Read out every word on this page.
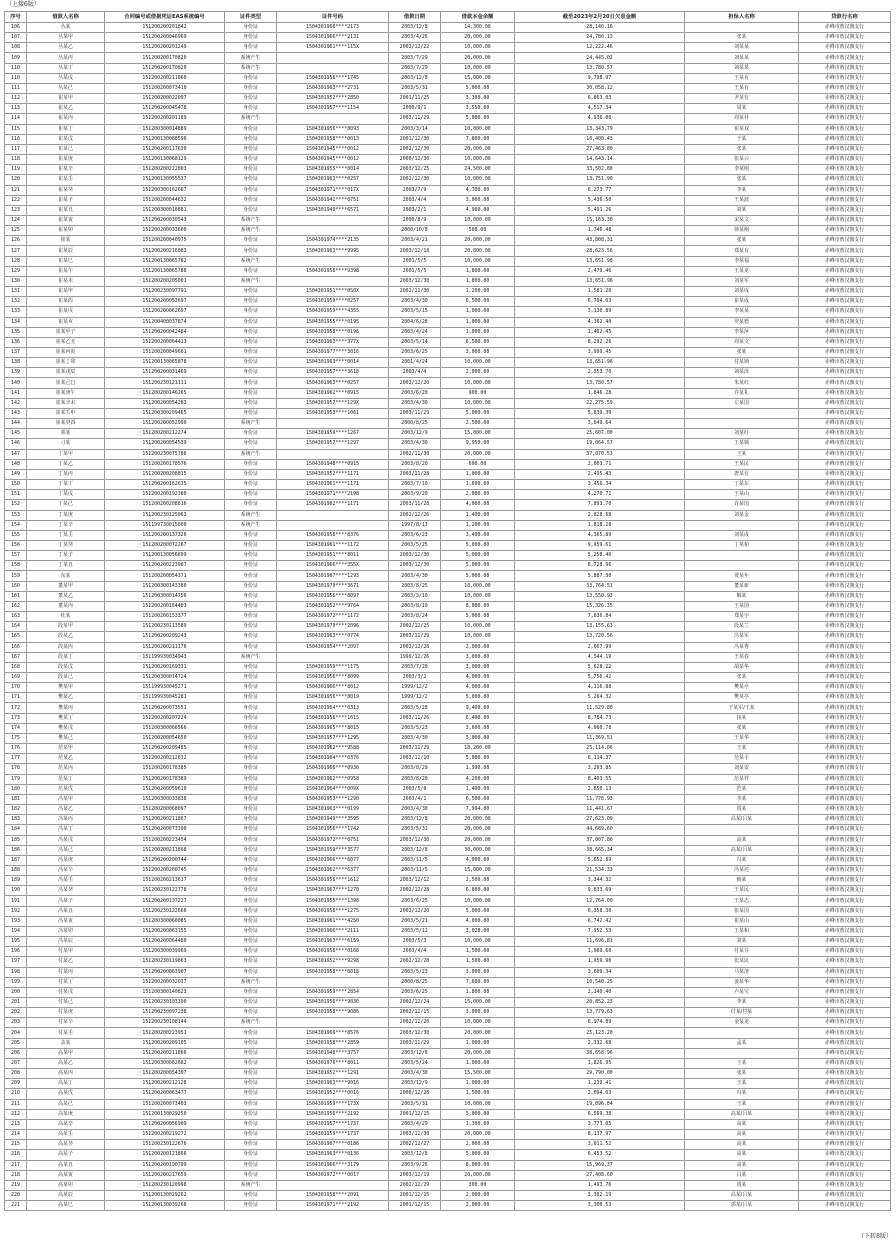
（上接6版）
序号	借款人名称	合同编号或借据凭证EAS系统编号	证件类型	证件号码	借款日期	借款本金余额	截至2023年2月20日欠息金额	担保人名称	贷款行名称
106	丛某	151200200201842	身份证	1504301968****2173	2003/12/8	14,300.00	28,140.16		赤峰市敖汉旗支行
107	丛某甲	151200200046969	身份证	1504301966****2131	2003/4/26	20,000.00	24,780.13	张某	赤峰市敖汉旗支行
108	丛某乙	151200200201249	身份证	1504301961****115X	2002/12/22	10,000.00	12,222.46	刘某某	赤峰市敖汉旗支行
109	丛某丙	151200200170820	系统产生		2003/7/29	20,000.00	24,445.02	刘某某	赤峰市敖汉旗支行
110	丛某丁	151200200170820	系统产生		2003/7/29	10,000.00	13,780.57	刘某某	赤峰市敖汉旗支行
110	丛某戊	151200200211860	身份证	1504301956****1745	2003/12/8	15,000.00	9,798.97	王某有	赤峰市敖汉旗支行
111	丛某己	151200200073410	身份证	1504301963****2731	2003/5/31	5,000.00	30,058.12	王某有	赤峰市敖汉旗支行
112	崔某甲	151200200022097	身份证	1504301952****2850	2001/11/25	3,300.00	6,863.03	尹某有	赤峰市敖汉旗支行
113	崔某乙	151200200045478	身份证	1504301957****1154	2000/9/1	3,550.00	4,517.34	周某	赤峰市敖汉旗支行
114	崔某丙	151200200201189	系统产生		2003/11/29	5,000.00	4,936.00	周某祥	赤峰市敖汉旗支行
115	崔某丁	151200300014889	身份证	1504301956****8093	2003/3/14	10,000.00	13,343.79	崔某双	赤峰市敖汉旗支行
116	崔某戊	151200130088596	身份证	1504301958****0013	2001/12/30	7,800.00	10,400.43	于某	赤峰市敖汉旗支行
117	崔某己	151200200117630	身份证	1504301945****0012	2002/12/30	20,000.00	27,463.80	张某	赤峰市敖汉旗支行
118	崔某庚	151200130068129	身份证	1504301945****0012	2000/12/30	10,000.00	14,643.14	张某云	赤峰市敖汉旗支行
119	崔某辛	151200200222803	身份证	1504301955****0014	2003/12/25	24,500.00	33,502.80	李某刚	赤峰市敖汉旗支行
120	崔某壬	151200130055537	身份证	1504301963****0257	2002/12/30	10,000.00	13,751.90	张某	赤峰市敖汉旗支行
121	崔某癸	151200300162687	身份证	1504301971****017X	2003/7/9	4,700.00	6,273.77	李某	赤峰市敖汉旗支行
122	崔某子	151200200044632	身份证	1504301942****0751	2003/4/4	3,000.00	5,436.50	王某波	赤峰市敖汉旗支行
123	崔某丑	151200300010881	身份证	1504301949****6571	2003/2/1	4,900.00	5,491.26	刘某	赤峰市敖汉旗支行
124	崔某寅	151200200030543	系统产生		2000/8/9	10,000.00	15,163.30	宋某文	赤峰市敖汉旗支行
125	崔某卯	151200200033600	系统产生		2000/10/8	500.00	1,746.48	韩某刚	赤峰市敖汉旗支行
126	崔某	151200200040975	身份证	1504301974****2135	2003/4/21	20,000.00	43,808.31	张某	赤峰市敖汉旗支行
127	崔某辰	151200200216083	身份证	1504301963****9995	2003/12/18	20,800.00	28,623.56	郑某有	赤峰市敖汉旗支行
128	崔某巳	151200130065782	系统产生		2001/5/5	10,000.00	13,651.98	李某福	赤峰市敖汉旗支行
129	崔某午	151200130065788	身份证	1504301958****9398	2001/5/5	1,800.00	2,479.46	王某龙	赤峰市敖汉旗支行
130	崔某未	151200200205001	系统产生		2003/12/30	1,800.00	13,651.96	刘某军	赤峰市敖汉旗支行
131	崔某申	151200230097791	身份证	1504301951****0S0X	2002/11/30	1,200.00	1,581.20	刘某成	赤峰市敖汉旗支行
132	崔某酉	151200200053697	身份证	1504301959****0257	2003/4/30	6,500.00	6,704.63	崔某成	赤峰市敖汉旗支行
133	崔某戌	151200200062697	身份证	1504301959****4355	2003/5/15	1,000.00	3,130.89	李某某	赤峰市敖汉旗支行
134	崔某亥	151200400037874	身份证	1504301955****0195	2004/6/28	1,000.00	4,362.40	罗某德	赤峰市敖汉旗支行
135	崔某甲子	151200200042484	身份证	1504301958****0196	2003/4/24	1,000.00	1,462.45	李某萍	赤峰市敖汉旗支行
136	崔某乙丑	151200200064413	身份证	1504301963****377X	2003/5/14	6,500.00	8,292.26	周某文	赤峰市敖汉旗支行
137	崔某丙寅	151200200049661	身份证	1504301977****3016	2003/6/25	3,000.00	3,999.45	张某	赤峰市敖汉旗支行
138	崔某丁卯	151200130065878	身份证	1504301963****0014	2001/4/24	10,000.00	13,651.98	付某锁	赤峰市敖汉旗支行
139	崔某戊辰	151200200031469	身份证	1504301957****3618	2003/4/4	2,000.00	2,353.70	刘某泽	赤峰市敖汉旗支行
140	崔某己巳	151200230121111	身份证	1504301963****0257	2002/12/20	10,000.00	13,780.57	朱某红	赤峰市敖汉旗支行
141	崔某庚午	151200200146265	身份证	1504301962****0915	2003/6/20	900.00	1,846.28	许某礼	赤峰市敖汉旗支行
142	崔某辛未	151200200054283	身份证	1504301957****129X	2003/4/30	10,000.00	22,275.59	左某国	赤峰市敖汉旗支行
143	崔某壬申	151200300209465	身份证	1504301953****1061	2003/11/29	5,000.00	5,839.39		赤峰市敖汉旗支行
144	崔某癸酉	151200200052990	系统产生		2000/8/25	2,500.00	3,649.64		赤峰市敖汉旗支行
145	邓某	151200200212274	身份证	1504301959****1267	2003/12/9	15,000.00	25,607.00	刘某红	赤峰市敖汉旗支行
146	刁某	151200200054539	身份证	1504301957****1297	2003/4/30	9,950.00	19,064.57	王某锁	赤峰市敖汉旗支行
147	丁某甲	151200230075786	系统产生		2002/11/30	20,000.00	37,070.53	王某	赤峰市敖汉旗支行
148	丁某乙	151200200178576	身份证	1504301948****0915	2003/8/20	600.00	2,003.71	王某民	赤峰市敖汉旗支行
149	丁某丙	151200200208815	身份证	1504301952****1171	2003/11/28	1,000.00	2,495.43	唐某有	赤峰市敖汉旗支行
150	丁某丁	151200200162635	身份证	1504301961****1171	2003/7/10	1,600.00	3,456.34	丁某东	赤峰市敖汉旗支行
151	丁某戊	151200200192380	身份证	1504301971****2198	2003/9/20	2,000.00	4,270.71	王某山	赤峰市敖汉旗支行
152	丁某己	151200200208816	身份证	1504301962****1171	2003/11/28	4,000.00	7,893.70	许某国	赤峰市敖汉旗支行
153	丁某庚	151200230125063	系统产生		2002/12/26	1,400.00	2,828.68	刘某金	赤峰市敖汉旗支行
154	丁某辛	151199730015800	系统产生		1997/8/13	1,200.00	1,818.28		赤峰市敖汉旗支行
155	丁某壬	151200200137326	身份证	1504301958****8376	2003/6/23	3,400.00	4,365.89	刘某成	赤峰市敖汉旗支行
156	丁某癸	151200200072267	身份证	1504301961****1172	2003/5/25	5,000.00	9,959.61	丁某柏	赤峰市敖汉旗支行
157	丁某子	151200130056899	身份证	1504301951****8011	2003/12/30	5,000.00	5,258.40		赤峰市敖汉旗支行
158	丁某丑	151200200223987	身份证	1504301966****355X	2003/12/30	5,000.00	8,728.96		赤峰市敖汉旗支行
159	东某	151200200054371	身份证	1504301967****1293	2003/4/30	5,000.00	5,887.30	贾某年	赤峰市敖汉旗支行
160	董某甲	151200300143380	身份证	1504301970****3671	2003/8/25	18,000.00	33,764.51	董某新	赤峰市敖汉旗支行
161	董某乙	151200300014756	身份证	1504301956****8097	2003/3/10	10,000.00	13,550.93	解某	赤峰市敖汉旗支行
162	董某丙	151200200164403	身份证	1504301952****9764	2003/8/10	8,000.00	15,326.35	王某国	赤峰市敖汉旗支行
163	杜某	151200200153377	身份证	1504301972****1172	2003/8/24	5,000.00	7,636.84	郑某宇	赤峰市敖汉旗支行
164	段某甲	151200230113589	身份证	1504301970****2096	2002/12/25	10,000.00	13,155.63	段某兰	赤峰市敖汉旗支行
165	段某乙	151200200209243	身份证	1504301963****0774	2003/11/29	10,000.00	13,720.56	冯某军	赤峰市敖汉旗支行
166	段某丙	151200200211176	身份证	1504301954****2097	2002/12/28	2,000.00	2,667.99	冯某秀	赤峰市敖汉旗支行
167	段某丁	151199930034943	系统产生		1999/12/26	3,000.00	4,544.19	王某春	赤峰市敖汉旗支行
168	段某戊	151200200169331	身份证	1504301959****1175	2003/7/20	3,000.00	5,628.22	胡某华	赤峰市敖汉旗支行
169	段某己	151200300014724	身份证	1504301956****8099	2003/3/2	4,000.00	5,756.42	张某	赤峰市敖汉旗支行
170	樊某甲	151199930045271	身份证	1504301966****8012	1999/12/2	4,000.00	4,116.88	樊某亭	赤峰市敖汉旗支行
171	樊某乙	151199930045281	身份证	1504301956****8019	1999/12/2	5,000.00	5,264.32	樊某亭	赤峰市敖汉旗支行
172	樊某丙	151200200073551	身份证	1504301964****0313	2003/5/28	9,400.00	11,529.80	于某军/王某	赤峰市敖汉旗支行
173	樊某丁	151200200207224	身份证	1504301956****1615	2003/11/26	6,400.00	8,784.73	崔某	赤峰市敖汉旗支行
174	樊某戊	151200300066566	身份证	1504301965****8015	2003/5/23	3,600.00	4,960.78	张某	赤峰市敖汉旗支行
175	樊某己	151200200054650	身份证	1504301957****1295	2003/4/30	5,000.00	11,369.51	王某华	赤峰市敖汉旗支行
176	范某甲	151200200209485	身份证	1504301962****9588	2003/11/29	18,200.00	25,114.06	王某	赤峰市敖汉旗支行
177	范某乙	151200200212632	身份证	1504301964****0376	2003/12/10	5,000.00	6,114.37	范某平	赤峰市敖汉旗支行
178	范某丙	151200200178385	身份证	1504301966****0930	2003/8/29	1,990.00	3,293.85	刘某雷	赤峰市敖汉旗支行
179	范某丁	151200200178389	身份证	1504301962****0958	2003/8/20	4,200.00	8,403.55	范某祥	赤峰市敖汉旗支行
180	范某戊	151200200059610	身份证	1504301964****009X	2003/5/8	1,400.00	2,850.13	范某	赤峰市敖汉旗支行
181	冯某甲	151200300033838	身份证	1504301953****1290	2003/4/1	6,500.00	11,778.93	李某	赤峰市敖汉旗支行
182	冯某乙	151200200068097	身份证	1504301963****0199	2003/4/30	7,994.00	11,441.67	贾某	赤峰市敖汉旗支行
183	冯某丙	151200200211867	身份证	1504301949****3595	2003/12/8	20,000.00	27,623.09	高某/吕某	赤峰市敖汉旗支行
184	冯某丁	151200200073390	身份证	1504301956****1742	2003/5/31	20,000.00	44,689.60		赤峰市敖汉旗支行
185	冯某戊	151200200223454	身份证	1504301972****0751	2003/12/30	20,000.00	37,007.86	高某	赤峰市敖汉旗支行
186	冯某己	151200200211868	身份证	1504301959****3577	2003/12/8	30,000.00	38,665.34	高某/吕某	赤峰市敖汉旗支行
187	冯某庚	151200200200744	身份证	1504301966****6077	2003/11/5	4,000.00	5,652.89	冯某	赤峰市敖汉旗支行
188	冯某辛	151200200200745	身份证	1504301962****6377	2003/11/5	15,000.00	21,534.33	冯某达	赤峰市敖汉旗支行
189	冯某壬	151200200213617	身份证	1504301956****1612	2003/12/12	2,500.00	3,344.32	韩某	赤峰市敖汉旗支行
190	冯某癸	151200230122778	身份证	1504301967****1270	2002/12/28	6,800.00	9,833.69	王某民	赤峰市敖汉旗支行
191	冯某子	151200200137227	身份证	1504301955****1398	2003/6/25	10,000.00	12,764.00	王某志	赤峰市敖汉旗支行
192	冯某丑	151200230122666	身份证	1504301958****1275	2002/12/20	5,000.00	6,358.30	张某国	赤峰市敖汉旗支行
193	冯某寅	151200300060085	身份证	1504301961****4250	2003/5/21	4,000.00	6,742.42	崔某山	赤峰市敖汉旗支行
194	冯某卯	151200200063155	身份证	1504301966****2111	2003/5/12	3,028.00	7,952.53	王某和	赤峰市敖汉旗支行
195	冯某辰	151200200064480	身份证	1504301963****6159	2003/5/3	10,000.00	11,696.81	刘某	赤峰市敖汉旗支行
196	付某甲	151200300039969	身份证	1504301958****0168	2003/4/4	1,500.00	1,989.60	付某芬	赤峰市敖汉旗支行
197	付某乙	151200230119863	身份证	1504301952****9298	2002/12/28	1,500.00	1,959.90	张某民	赤峰市敖汉旗支行
198	付某丙	151200200063907	身份证	1504301958****0018	2003/5/23	3,000.00	3,609.34	马某清	赤峰市敖汉旗支行
199	付某丁	151200200032037	系统产生		2000/8/25	7,600.00	10,540.25	姜某华	赤峰市敖汉旗支行
200	付某戊	151200300140823	身份证	1504301959****2854	2003/6/25	1,800.00	2,140.40	卢某宝	赤峰市敖汉旗支行
201	付某己	151200230103390	身份证	1504301956****9030	2002/12/24	15,000.00	20,852.23	李某	赤峰市敖汉旗支行
202	付某庚	151200230097238	身份证	1504301958****9086	2002/12/15	3,000.00	13,779.63	付某/付某	赤峰市敖汉旗支行
203	付某辛	151200230108144	系统产生		2002/12/20	10,000.00	6,974.89	金某龙	赤峰市敖汉旗支行
204	付某壬	151200200223951	身份证	1504301969****8576	2003/12/30	20,000.00	25,123.20		赤峰市敖汉旗支行
205	盖某	151200200209185	身份证	1504301958****2859	2003/11/29	1,000.00	2,332.68	孟某	赤峰市敖汉旗支行
206	高某甲	151200200211866	身份证	1504301948****3757	2003/12/8	20,000.00	38,658.96		赤峰市敖汉旗支行
207	高某乙	151200300082682	身份证	1504301976****8011	2003/5/24	1,000.00	1,826.95	王某	赤峰市敖汉旗支行
208	高某丙	151200200054307	身份证	1504301952****1291	2003/4/30	15,500.00	29,790.00	张某	赤峰市敖汉旗支行
209	高某丁	151200200212128	身份证	1504301963****9016	2003/12/9	1,000.00	1,239.41	王某	赤峰市敖汉旗支行
210	高某戊	151200200063477	身份证	1504301952****0016	2000/12/28	1,500.00	2,094.63	冯某	赤峰市敖汉旗支行
211	高某己	151200200073403	身份证	1504301959****173X	2003/5/31	10,000.00	19,096.84	王某	赤峰市敖汉旗支行
212	高某庚	151200130029250	身份证	1504301956****2192	2001/12/15	5,000.00	6,569.38	高某/吕某	赤峰市敖汉旗支行
213	高某辛	151200200056909	身份证	1504301957****1737	2003/4/29	1,300.00	3,773.05	高某	赤峰市敖汉旗支行
214	高某壬	151200200219272	身份证	1504301959****1737	2003/12/30	20,000.00	8,137.97	高某	赤峰市敖汉旗支行
215	高某癸	151200230122676	身份证	1504301967****0186	2002/12/27	2,000.00	3,011.52	高某	赤峰市敖汉旗支行
216	高某子	151200200121866	身份证	1504301963****0136	2003/12/8	5,000.00	6,453.52	高某	赤峰市敖汉旗支行
217	高某丑	151200200190799	身份证	1504301966****3179	2003/9/26	8,000.00	15,969.37	高某	赤峰市敖汉旗支行
218	高某寅	151200200217659	身份证	1504301972****0017	2003/12/19	20,000.00	27,408.60	白某	赤峰市敖汉旗支行
219	高某卯	151200230120998	系统产生		2002/12/29	300.00	1,493.76	贾某	赤峰市敖汉旗支行
220	高某辰	151200130029262	身份证	1504301958****2091	2001/12/15	2,000.00	3,302.19	高某/吕某	赤峰市敖汉旗支行
221	高某巳	151200130039268	身份证	1504301971****2192	2001/12/15	2,000.00	3,300.53	郭某/吕某	赤峰市敖汉旗支行
（下转8版）
